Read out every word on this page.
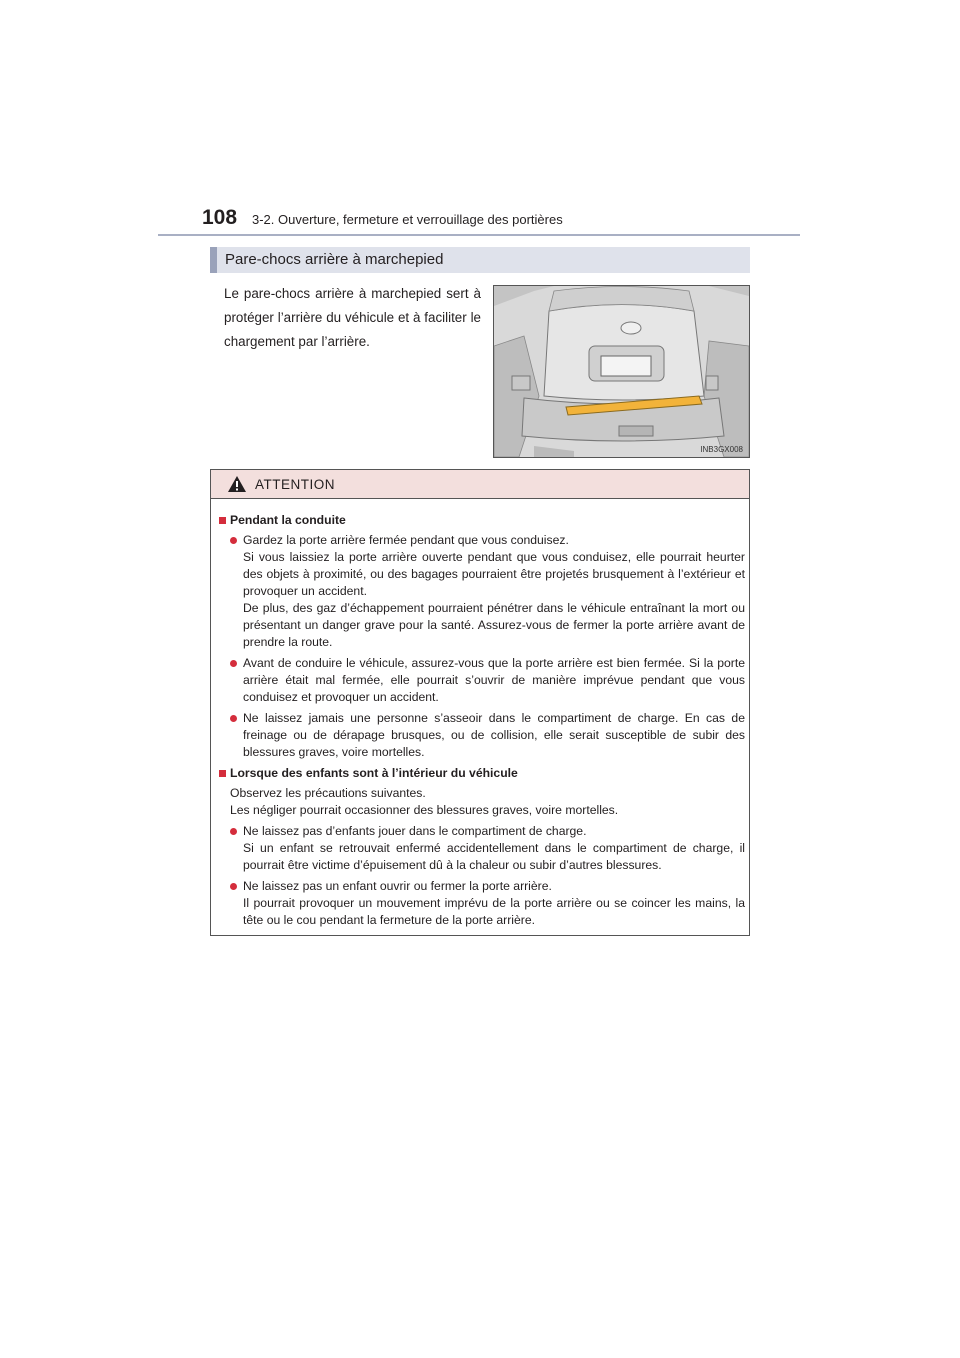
108 3-2. Ouverture, fermeture et verrouillage des portières
Pare-chocs arrière à marchepied
Le pare-chocs arrière à marchepied sert à protéger l’arrière du véhicule et à faciliter le chargement par l’arrière.
INB3GX008
ATTENTION
Pendant la conduite
Gardez la porte arrière fermée pendant que vous conduisez.
Si vous laissiez la porte arrière ouverte pendant que vous conduisez, elle pourrait heurter des objets à proximité, ou des bagages pourraient être projetés brusquement à l’extérieur et provoquer un accident.
De plus, des gaz d’échappement pourraient pénétrer dans le véhicule entraînant la mort ou présentant un danger grave pour la santé. Assurez-vous de fermer la porte arrière avant de prendre la route.
Avant de conduire le véhicule, assurez-vous que la porte arrière est bien fermée. Si la porte arrière était mal fermée, elle pourrait s’ouvrir de manière imprévue pendant que vous conduisez et provoquer un accident.
Ne laissez jamais une personne s’asseoir dans le compartiment de charge. En cas de freinage ou de dérapage brusques, ou de collision, elle serait susceptible de subir des blessures graves, voire mortelles.
Lorsque des enfants sont à l’intérieur du véhicule
Observez les précautions suivantes.
Les négliger pourrait occasionner des blessures graves, voire mortelles.
Ne laissez pas d’enfants jouer dans le compartiment de charge.
Si un enfant se retrouvait enfermé accidentellement dans le compartiment de charge, il pourrait être victime d’épuisement dû à la chaleur ou subir d’autres blessures.
Ne laissez pas un enfant ouvrir ou fermer la porte arrière.
Il pourrait provoquer un mouvement imprévu de la porte arrière ou se coincer les mains, la tête ou le cou pendant la fermeture de la porte arrière.
